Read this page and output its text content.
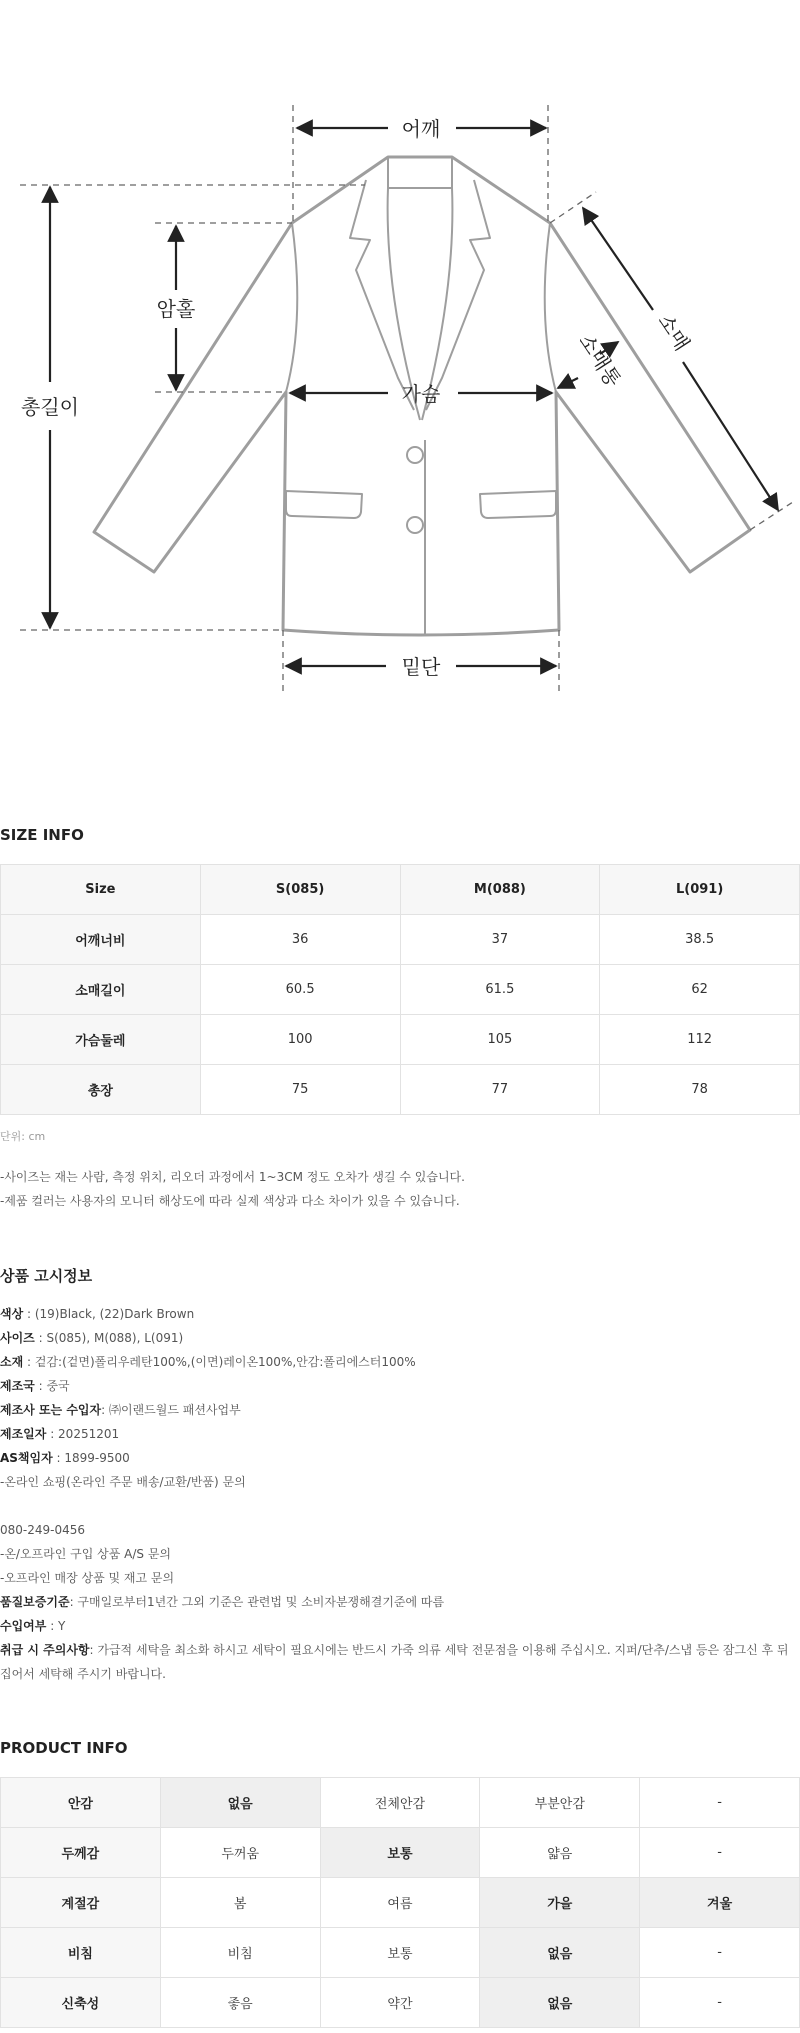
어깨
암홀
총길이
가슴
소매
소매통
밑단
SIZE INFO
Size	S(085)	M(088)	L(091)
어깨너비	36	37	38.5
소매길이	60.5	61.5	62
가슴둘레	100	105	112
총장	75	77	78
단위: cm
-사이즈는 재는 사람, 측정 위치, 리오더 과정에서 1~3CM 정도 오차가 생길 수 있습니다.
-제품 컬러는 사용자의 모니터 해상도에 따라 실제 색상과 다소 차이가 있을 수 있습니다.
상품 고시정보
색상 : (19)Black, (22)Dark Brown
사이즈 : S(085), M(088), L(091)
소재 : 겉감:(겉면)폴리우레탄100%,(이면)레이온100%,안감:폴리에스터100%
제조국 : 중국
제조사 또는 수입자: ㈜이랜드월드 패션사업부
제조일자 : 20251201
AS책임자 : 1899-9500
-온라인 쇼핑(온라인 주문 배송/교환/반품) 문의
080-249-0456
-온/오프라인 구입 상품 A/S 문의
-오프라인 매장 상품 및 재고 문의
품질보증기준: 구매일로부터1년간 그외 기준은 관련법 및 소비자분쟁해결기준에 따름
수입여부 : Y
취급 시 주의사항: 가급적 세탁을 최소화 하시고 세탁이 필요시에는 반드시 가죽 의류 세탁 전문점을 이용해 주십시오. 지퍼/단추/스냅 등은 잠그신 후 뒤집어서 세탁해 주시기 바랍니다.
PRODUCT INFO
안감	없음	전체안감	부분안감	-
두께감	두꺼움	보통	얇음	-
계절감	봄	여름	가을	겨울
비침	비침	보통	없음	-
신축성	좋음	약간	없음	-
